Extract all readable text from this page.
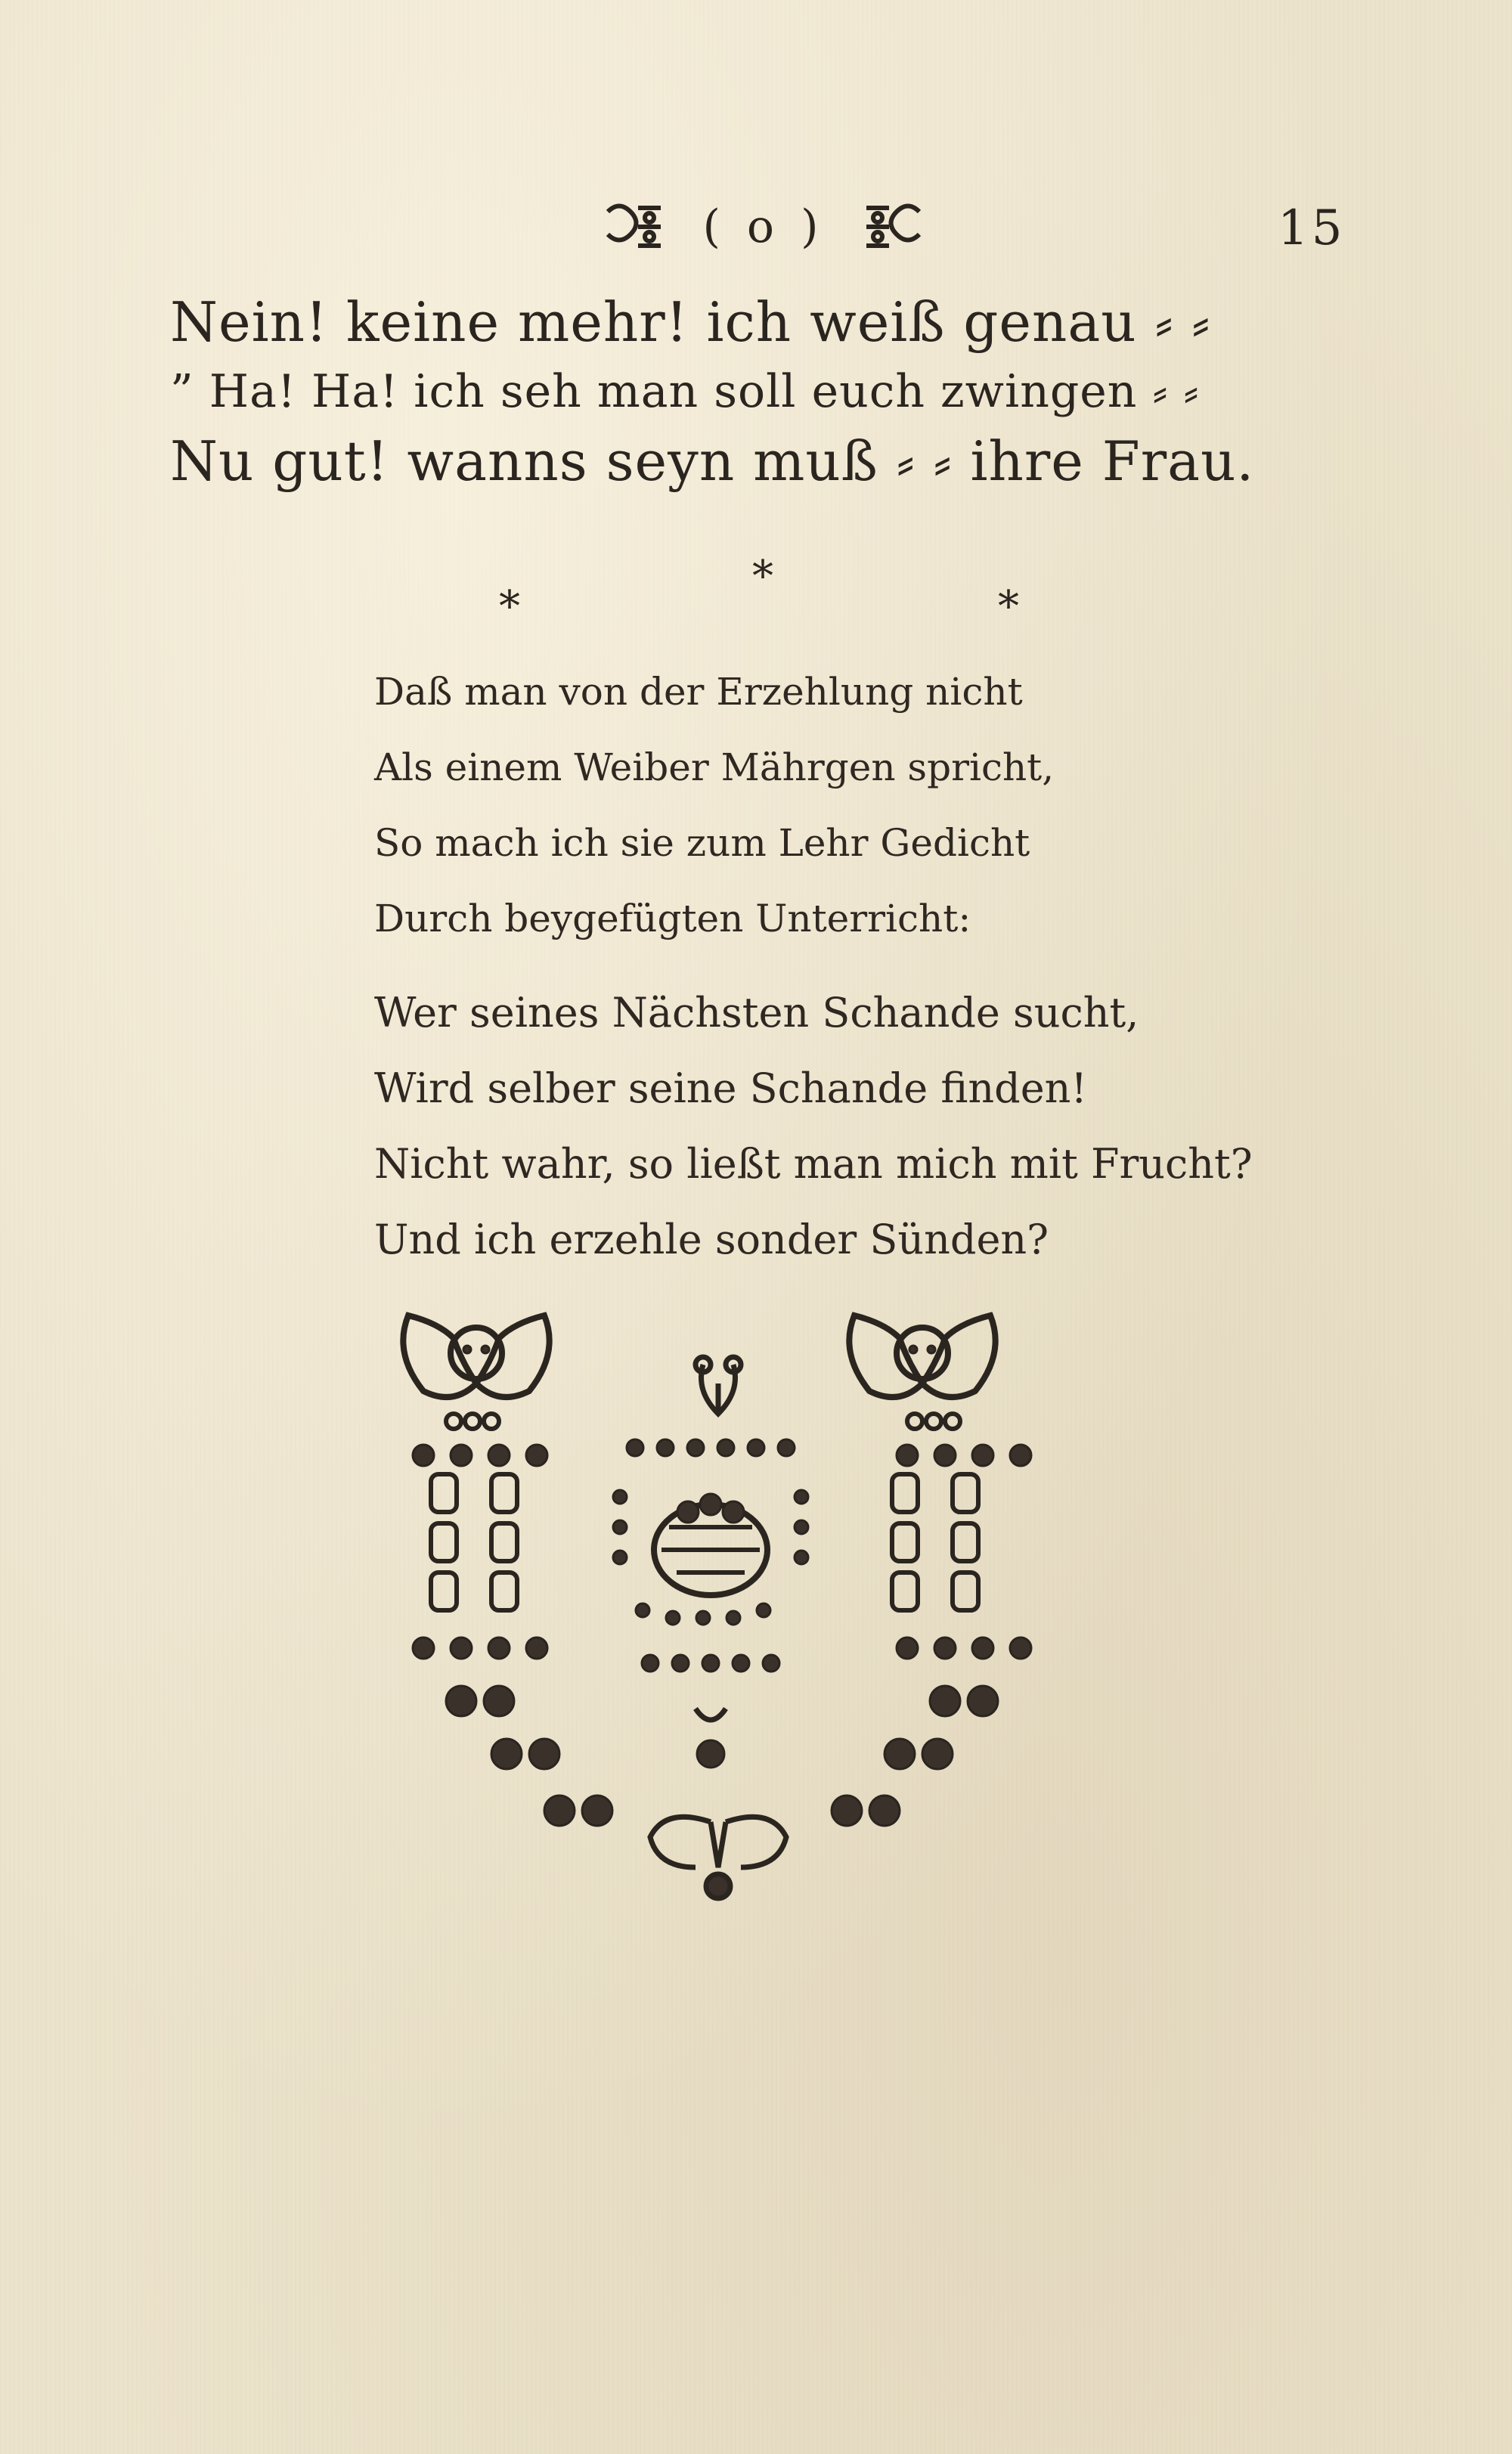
( o )	15
Nein! keine mehr! ich weiß genau ⸗ ⸗
” Ha! Ha! ich seh man soll euch zwingen ⸗ ⸗
Nu gut! wanns seyn muß ⸗ ⸗ ihre Frau.
*
*
*
Daß man von der Erzehlung nicht
Als einem Weiber Mährgen spricht,
So mach ich sie zum Lehr Gedicht
Durch beygefügten Unterricht:
Wer seines Nächsten Schande sucht,
Wird selber seine Schande finden!
Nicht wahr, so ließt man mich mit Frucht?
Und ich erzehle sonder Sünden?
